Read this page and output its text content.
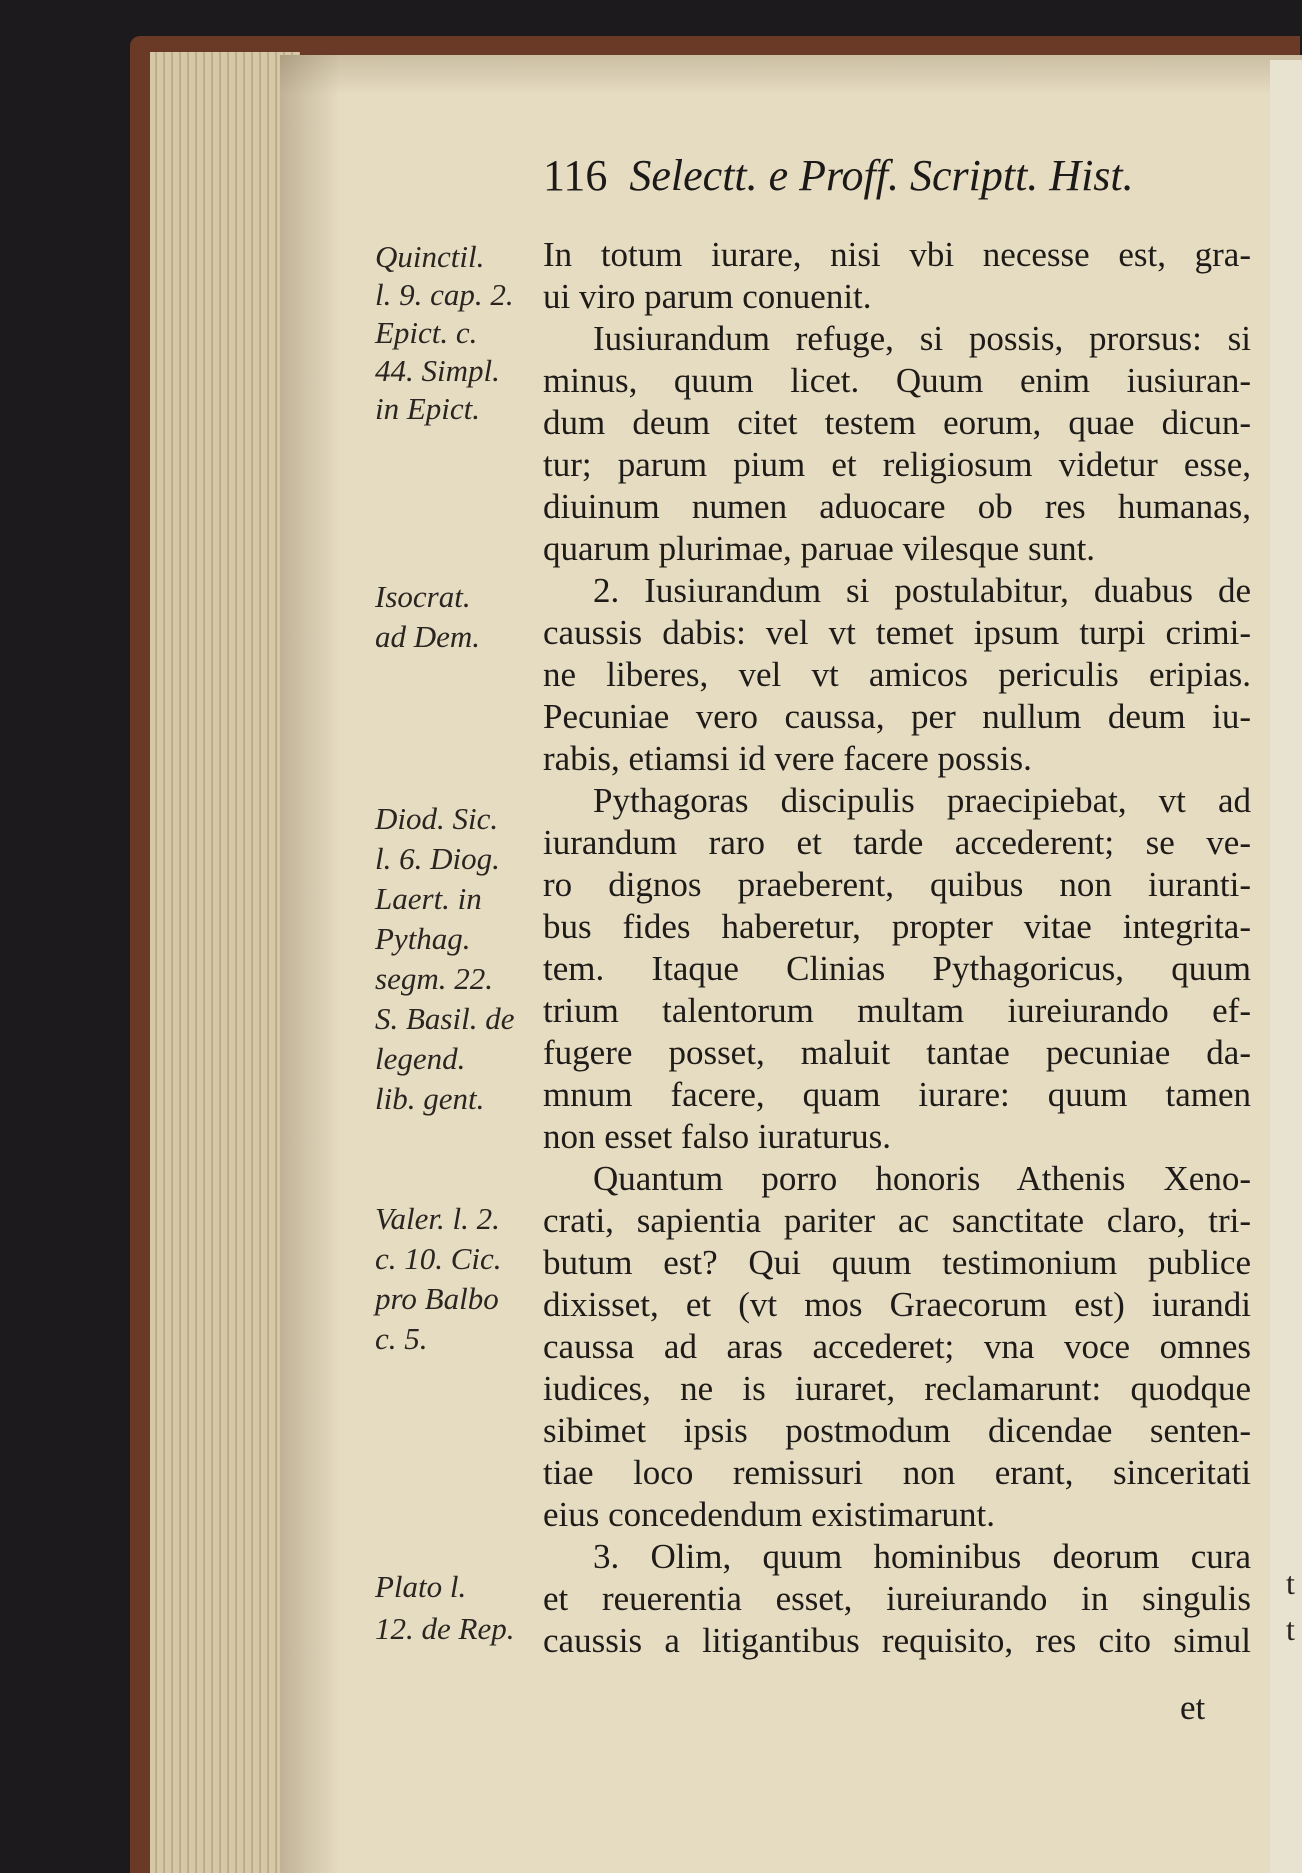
116 Selectt. e Proff. Scriptt. Hist.
Quinctil.
l. 9. cap. 2.
Epict. c.
44. Simpl.
in Epict.
Isocrat.
ad Dem.
Diod. Sic.
l. 6. Diog.
Laert. in
Pythag.
segm. 22.
S. Basil. de
legend.
lib. gent.
Valer. l. 2.
c. 10. Cic.
pro Balbo
c. 5.
Plato l.
12. de Rep.
In totum iurare, nisi vbi necesse est, gra-
ui viro parum conuenit.
Iusiurandum refuge, si possis, prorsus: si
minus, quum licet. Quum enim iusiuran-
dum deum citet testem eorum, quae dicun-
tur; parum pium et religiosum videtur esse,
diuinum numen aduocare ob res humanas,
quarum plurimae, paruae vilesque sunt.
2. Iusiurandum si postulabitur, duabus de
caussis dabis: vel vt temet ipsum turpi crimi-
ne liberes, vel vt amicos periculis eripias.
Pecuniae vero caussa, per nullum deum iu-
rabis, etiamsi id vere facere possis.
Pythagoras discipulis praecipiebat, vt ad
iurandum raro et tarde accederent; se ve-
ro dignos praeberent, quibus non iuranti-
bus fides haberetur, propter vitae integrita-
tem. Itaque Clinias Pythagoricus, quum
trium talentorum multam iureiurando ef-
fugere posset, maluit tantae pecuniae da-
mnum facere, quam iurare: quum tamen
non esset falso iuraturus.
Quantum porro honoris Athenis Xeno-
crati, sapientia pariter ac sanctitate claro, tri-
butum est? Qui quum testimonium publice
dixisset, et (vt mos Graecorum est) iurandi
caussa ad aras accederet; vna voce omnes
iudices, ne is iuraret, reclamarunt: quodque
sibimet ipsis postmodum dicendae senten-
tiae loco remissuri non erant, sinceritati
eius concedendum existimarunt.
3. Olim, quum hominibus deorum cura
et reuerentia esset, iureiurando in singulis
caussis a litigantibus requisito, res cito simul
et
t
t
